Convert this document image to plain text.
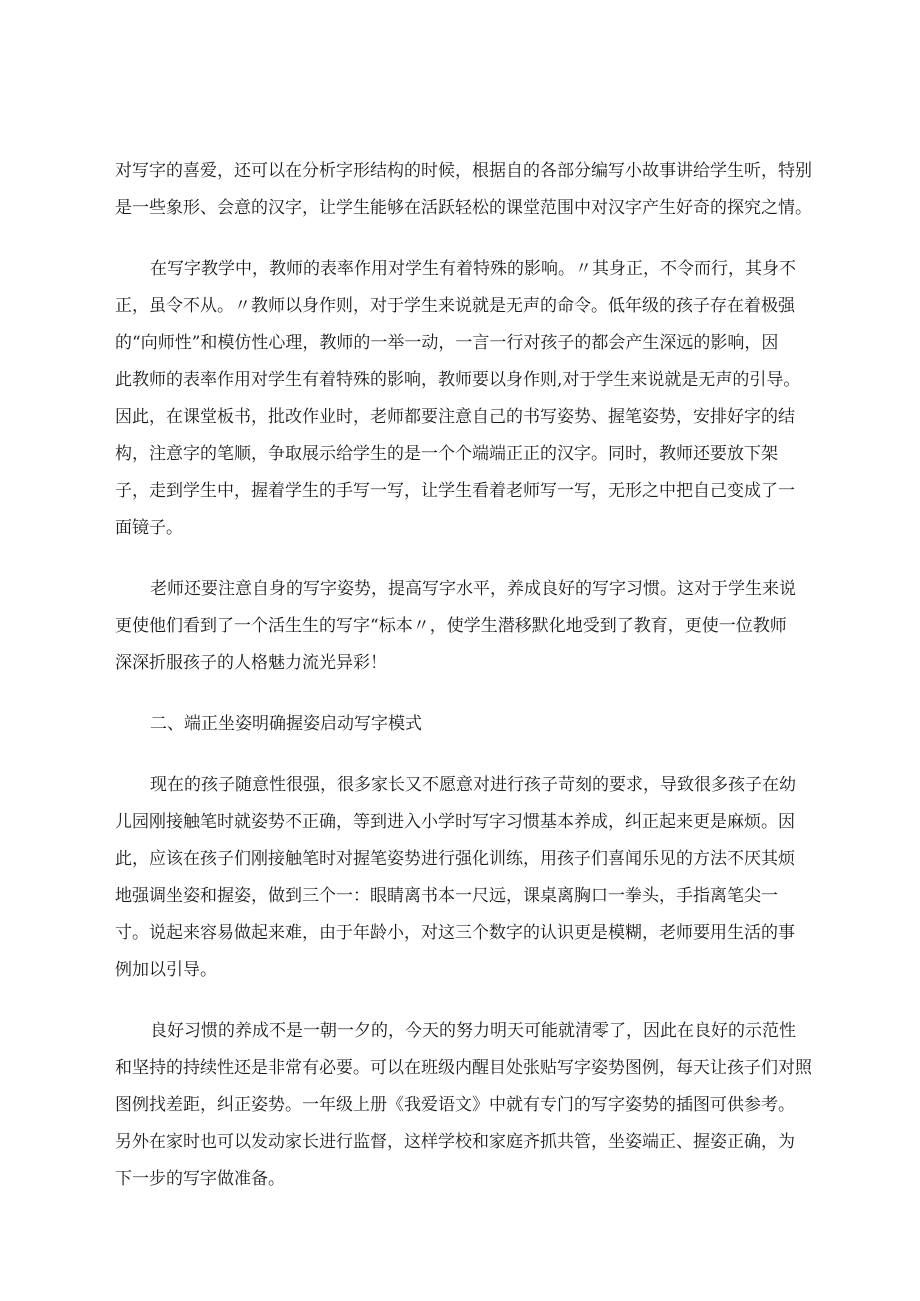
对写字的喜爱，还可以在分析字形结构的时候，根据自的各部分编写小故事讲给学生听，特别
是一些象形、会意的汉字，让学生能够在活跃轻松的课堂范围中对汉字产生好奇的探究之情。
在写字教学中，教师的表率作用对学生有着特殊的影响。〃其身正，不令而行，其身不
正，虽令不从。〃教师以身作则，对于学生来说就是无声的命令。低年级的孩子存在着极强
的“向师性”和模仿性心理，教师的一举一动，一言一行对孩子的都会产生深远的影响，因
此教师的表率作用对学生有着特殊的影响，教师要以身作则,对于学生来说就是无声的引导。
因此，在课堂板书，批改作业时，老师都要注意自己的书写姿势、握笔姿势，安排好字的结
构，注意字的笔顺，争取展示给学生的是一个个端端正正的汉字。同时，教师还要放下架
子，走到学生中，握着学生的手写一写，让学生看着老师写一写，无形之中把自己变成了一
面镜子。
老师还要注意自身的写字姿势，提高写字水平，养成良好的写字习惯。这对于学生来说
更使他们看到了一个活生生的写字“标本〃，使学生潜移默化地受到了教育，更使一位教师
深深折服孩子的人格魅力流光异彩！
二、端正坐姿明确握姿启动写字模式
现在的孩子随意性很强，很多家长又不愿意对进行孩子苛刻的要求，导致很多孩子在幼
儿园刚接触笔时就姿势不正确，等到进入小学时写字习惯基本养成，纠正起来更是麻烦。因
此，应该在孩子们刚接触笔时对握笔姿势进行强化训练，用孩子们喜闻乐见的方法不厌其烦
地强调坐姿和握姿，做到三个一：眼睛离书本一尺远，课桌离胸口一拳头，手指离笔尖一
寸。说起来容易做起来难，由于年龄小，对这三个数字的认识更是模糊，老师要用生活的事
例加以引导。
良好习惯的养成不是一朝一夕的，今天的努力明天可能就清零了，因此在良好的示范性
和坚持的持续性还是非常有必要。可以在班级内醒目处张贴写字姿势图例，每天让孩子们对照
图例找差距，纠正姿势。一年级上册《我爱语文》中就有专门的写字姿势的插图可供参考。
另外在家时也可以发动家长进行监督，这样学校和家庭齐抓共管，坐姿端正、握姿正确，为
下一步的写字做准备。
